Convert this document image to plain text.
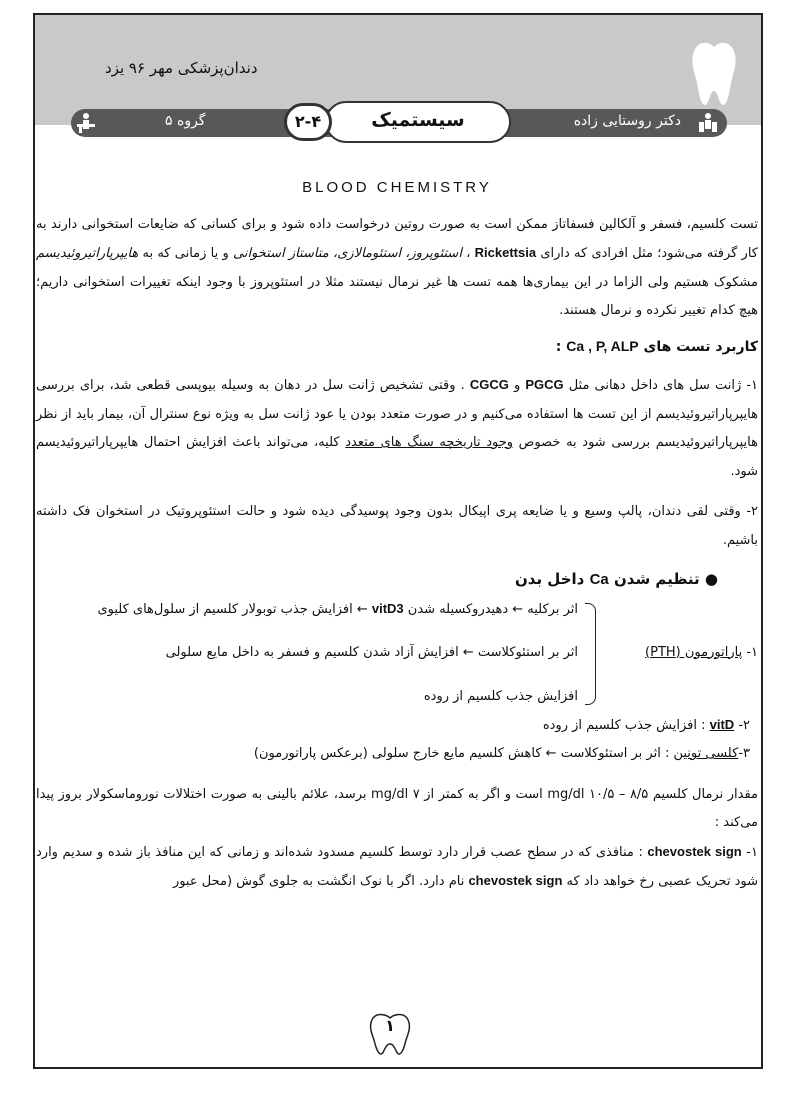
دندان‌پزشکی مهر ۹۶ یزد
دکتر روستایی زاده
سیستمیک
۲-۴
گروه ۵

BLOOD CHEMISTRY

تست کلسیم، فسفر و آلکالین فسفاتاز ممکن است به صورت روتین درخواست داده شود و برای کسانی که ضایعات استخوانی دارند به کار گرفته می‌شود؛ مثل افرادی که دارای Rickettsia ، استئوپروز، استئومالازی، متاستاز استخوانی و یا زمانی که به هایپرپاراتیروئیدیسم مشکوک هستیم ولی الزاما در این بیماری‌ها همه تست ها غیر نرمال نیستند مثلا در استئوپروز با وجود اینکه تغییرات استخوانی داریم؛ هیچ کدام تغییر نکرده و نرمال هستند.

کاربرد تست های Ca , P, ALP :

۱- ژانت سل های داخل دهانی مثل PGCG و CGCG . وقتی تشخیص ژانت سل در دهان به وسیله بیوپسی قطعی شد، برای بررسی هایپرپاراتیروئیدیسم از این تست ها استفاده می‌کنیم و در صورت متعدد بودن یا عود ژانت سل به ویژه نوع سنترال آن، بیمار باید از نظر هایپرپاراتیروئیدیسم بررسی شود به خصوص وجود تاریخچه سنگ های متعدد کلیه، می‌تواند باعث افزایش احتمال هایپرپاراتیروئیدیسم شود.

۲- وقتی لقی دندان، پالپ وسیع و یا ضایعه پری اپیکال بدون وجود پوسیدگی دیده شود و حالت استئوپروتیک در استخوان فک داشته باشیم.

● تنظیم شدن Ca داخل بدن

۱- پاراتورمون (PTH)
اثر برکلیه ← دهیدروکسیله شدن vitD3 ← افزایش جذب توبولار کلسیم از سلول‌های کلیوی
اثر بر استئوکلاست ← افزایش آزاد شدن کلسیم و فسفر به داخل مایع سلولی
افزایش جذب کلسیم از روده

۲- vitD : افزایش جذب کلسیم از روده

۳-کلسی تونین : اثر بر استئوکلاست ← کاهش کلسیم مایع خارج سلولی (برعکس پاراتورمون)

مقدار نرمال کلسیم mg/dl ۱۰/۵ – ۸/۵ است و اگر به کمتر از mg/dl ۷ برسد، علائم بالینی به صورت اختلالات نوروماسکولار بروز پیدا می‌کند :

۱- chevostek sign : منافذی که در سطح عصب قرار دارد توسط کلسیم مسدود شده‌اند و زمانی که این منافذ باز شده و سدیم وارد شود تحریک عصبی رخ خواهد داد که chevostek sign نام دارد. اگر با نوک انگشت به جلوی گوش (محل عبور

۱
